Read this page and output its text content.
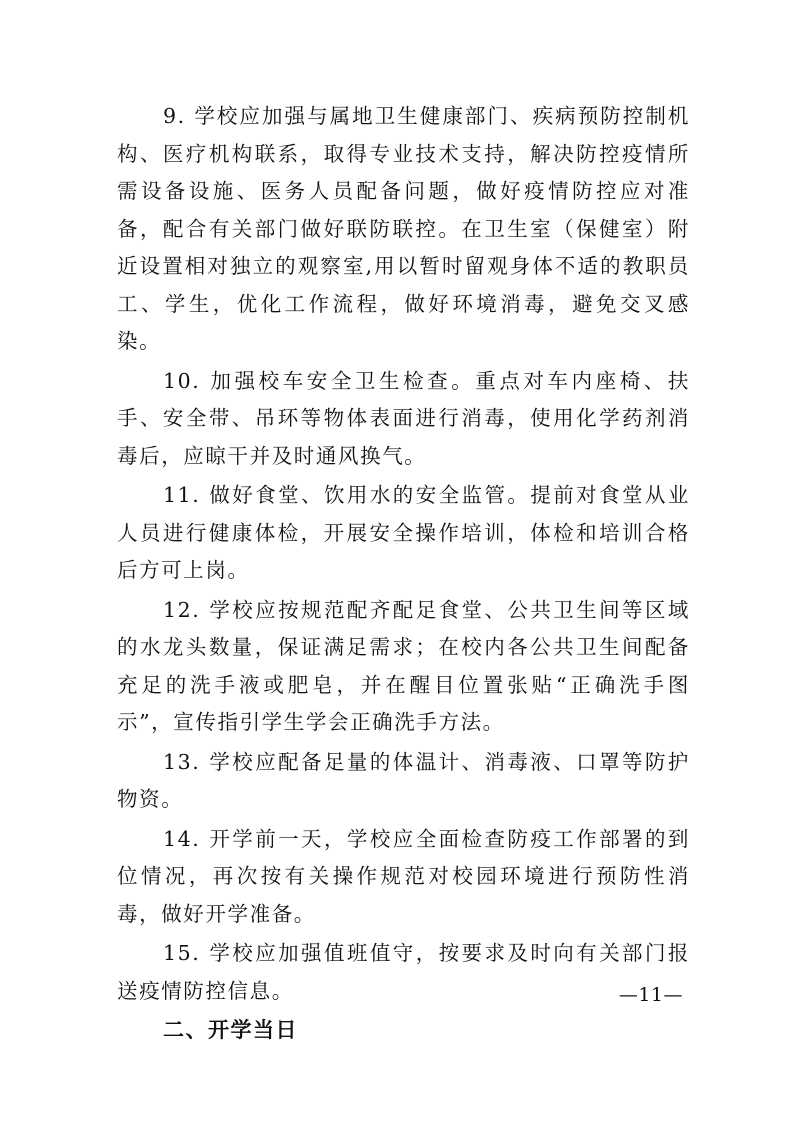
9. 学校应加强与属地卫生健康部门、疾病预防控制机构、医疗机构联系，取得专业技术支持，解决防控疫情所需设备设施、医务人员配备问题，做好疫情防控应对准备，配合有关部门做好联防联控。在卫生室（保健室）附近设置相对独立的观察室,用以暂时留观身体不适的教职员工、学生，优化工作流程，做好环境消毒，避免交叉感染。

10. 加强校车安全卫生检查。重点对车内座椅、扶手、安全带、吊环等物体表面进行消毒，使用化学药剂消毒后，应晾干并及时通风换气。

11. 做好食堂、饮用水的安全监管。提前对食堂从业人员进行健康体检，开展安全操作培训，体检和培训合格后方可上岗。

12. 学校应按规范配齐配足食堂、公共卫生间等区域的水龙头数量，保证满足需求；在校内各公共卫生间配备充足的洗手液或肥皂，并在醒目位置张贴“正确洗手图示”，宣传指引学生学会正确洗手方法。

13. 学校应配备足量的体温计、消毒液、口罩等防护物资。

14. 开学前一天，学校应全面检查防疫工作部署的到位情况，再次按有关操作规范对校园环境进行预防性消毒，做好开学准备。

15. 学校应加强值班值守，按要求及时向有关部门报送疫情防控信息。

二、开学当日
—11—
